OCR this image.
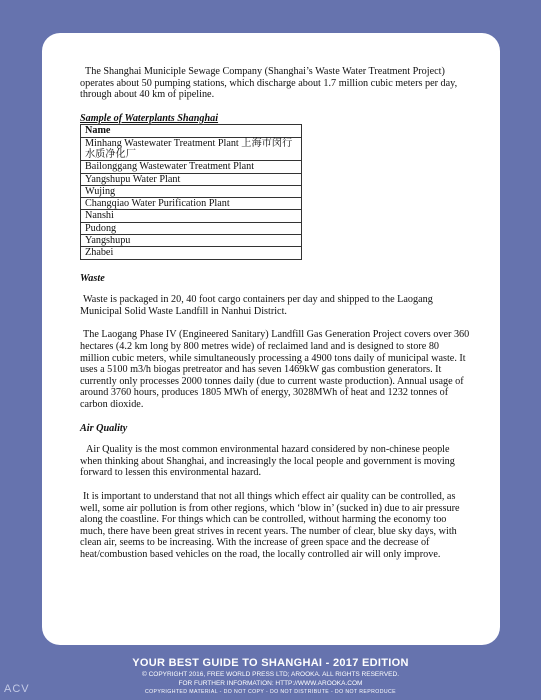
The Shanghai Municiple Sewage Company (Shanghai’s Waste Water Treatment Project) operates about 50 pumping stations, which discharge about 1.7 million cubic meters per day, through about 40 km of pipeline.

Sample of Waterplants Shanghai
Name
Minhang Wastewater Treatment Plant 上海市闵行水质净化厂
Bailonggang Wastewater Treatment Plant
Yangshupu Water Plant
Wujing
Changqiao Water Purification Plant
Nanshi
Pudong
Yangshupu
Zhabei
Waste

Waste is packaged in 20, 40 foot cargo containers per day and shipped to the Laogang Municipal Solid Waste Landfill in Nanhui District.

The Laogang Phase IV (Engineered Sanitary) Landfill Gas Generation Project covers over 360 hectares (4.2 km long by 800 metres wide) of reclaimed land and is designed to store 80 million cubic meters, while simultaneously processing a 4900 tons daily of municipal waste. It uses a 5100 m3/h biogas pretreator and has seven 1469kW gas combustion generators. It currently only processes 2000 tonnes daily (due to current waste production). Annual usage of around 3760 hours, produces 1805 MWh of energy, 3028MWh of heat and 1232 tonnes of carbon dioxide.

Air Quality

Air Quality is the most common environmental hazard considered by non-chinese people when thinking about Shanghai, and increasingly the local people and government is moving forward to lessen this environmental hazard.

It is important to understand that not all things which effect air quality can be controlled, as well, some air pollution is from other regions, which ‘blow in’ (sucked in) due to air pressure along the coastline. For things which can be controlled, without harming the economy too much, there have been great strives in recent years. The number of clear, blue sky days, with clean air, seems to be increasing. With the increase of green space and the decrease of heat/combustion based vehicles on the road, the locally controlled air will only improve.

YOUR BEST GUIDE TO SHANGHAI - 2017 EDITION
© COPYRIGHT 2016, FREE WORLD PRESS LTD; AROOKA. ALL RIGHTS RESERVED.
FOR FURTHER INFORMATION: HTTP://WWW.AROOKA.COM
COPYRIGHTED MATERIAL - DO NOT COPY - DO NOT DISTRIBUTE - DO NOT REPRODUCE
ACV
